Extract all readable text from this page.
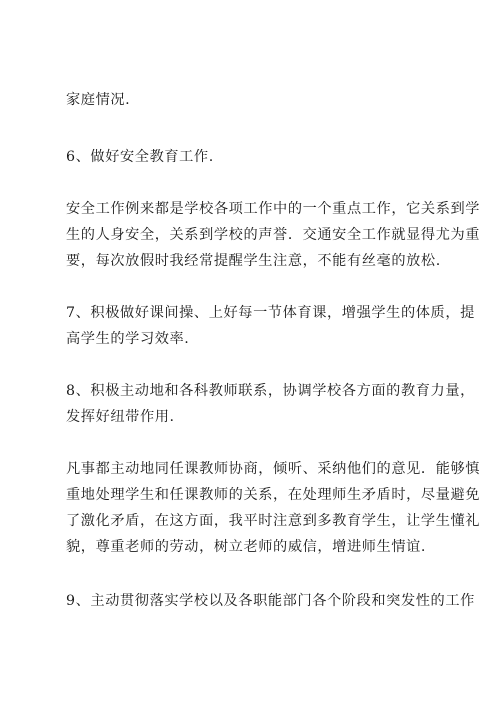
家庭情况.

6、做好安全教育工作.

安全工作例来都是学校各项工作中的一个重点工作，它关系到学
生的人身安全，关系到学校的声誉．交通安全工作就显得尤为重
要，每次放假时我经常提醒学生注意，不能有丝毫的放松.

7、积极做好课间操、上好每一节体育课，增强学生的体质，提
高学生的学习效率.

8、积极主动地和各科教师联系，协调学校各方面的教育力量，
发挥好纽带作用.

凡事都主动地同任课教师协商，倾听、采纳他们的意见．能够慎
重地处理学生和任课教师的关系，在处理师生矛盾时，尽量避免
了激化矛盾，在这方面，我平时注意到多教育学生，让学生懂礼
貌，尊重老师的劳动，树立老师的威信，增进师生情谊.

9、主动贯彻落实学校以及各职能部门各个阶段和突发性的工作
